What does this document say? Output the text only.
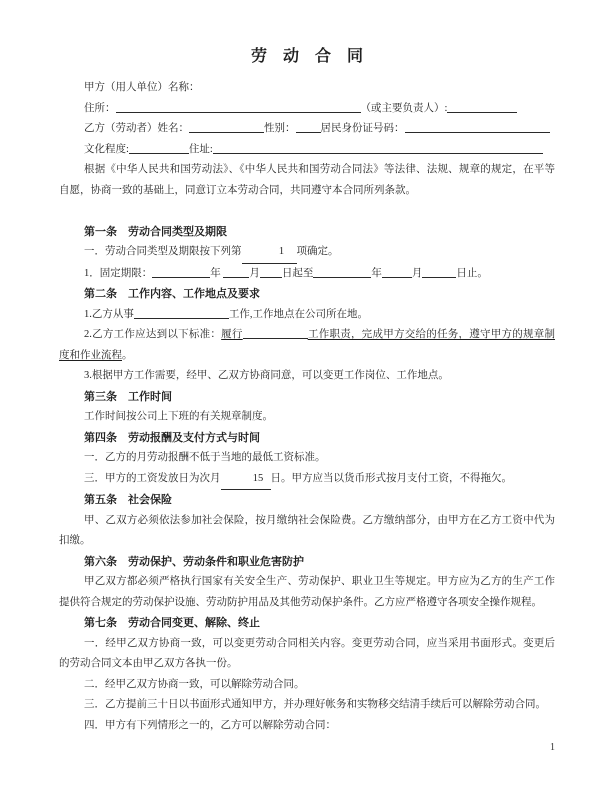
劳　动　合　同

甲方（用人单位）名称：

住所：	（或主要负责人）:

乙方（劳动者）姓名：	性别： 居民身份证号码：

文化程度:	住址:

根据《中华人民共和国劳动法》、《中华人民共和国劳动合同法》等法律、法规、规章的规定，在平等自愿，协商一致的基础上，同意订立本劳动合同，共同遵守本合同所列条款。

第一条　劳动合同类型及期限

一．劳动合同类型及期限按下列第	1 项确定。

1．固定期限：	年 月 日起至	年	月	日止。

第二条　工作内容、工作地点及要求

1.乙方从事	工作,工作地点在公司所在地。

2.乙方工作应达到以下标准：履行	工作职责，完成甲方交给的任务，遵守甲方的规章制度和作业流程。

3.根据甲方工作需要，经甲、乙双方协商同意，可以变更工作岗位、工作地点。

第三条　工作时间

工作时间按公司上下班的有关规章制度。

第四条　劳动报酬及支付方式与时间

一．乙方的月劳动报酬不低于当地的最低工资标准。

三．甲方的工资发放日为次月	15 日。甲方应当以货币形式按月支付工资，不得拖欠。

第五条　社会保险

甲、乙双方必须依法参加社会保险，按月缴纳社会保险费。乙方缴纳部分，由甲方在乙方工资中代为扣缴。

第六条　劳动保护、劳动条件和职业危害防护

甲乙双方都必须严格执行国家有关安全生产、劳动保护、职业卫生等规定。甲方应为乙方的生产工作提供符合规定的劳动保护设施、劳动防护用品及其他劳动保护条件。乙方应严格遵守各项安全操作规程。

第七条　劳动合同变更、解除、终止

一．经甲乙双方协商一致，可以变更劳动合同相关内容。变更劳动合同，应当采用书面形式。变更后的劳动合同文本由甲乙双方各执一份。

二．经甲乙双方协商一致，可以解除劳动合同。

三．乙方提前三十日以书面形式通知甲方，并办理好帐务和实物移交结清手续后可以解除劳动合同。

四．甲方有下列情形之一的，乙方可以解除劳动合同：

1
